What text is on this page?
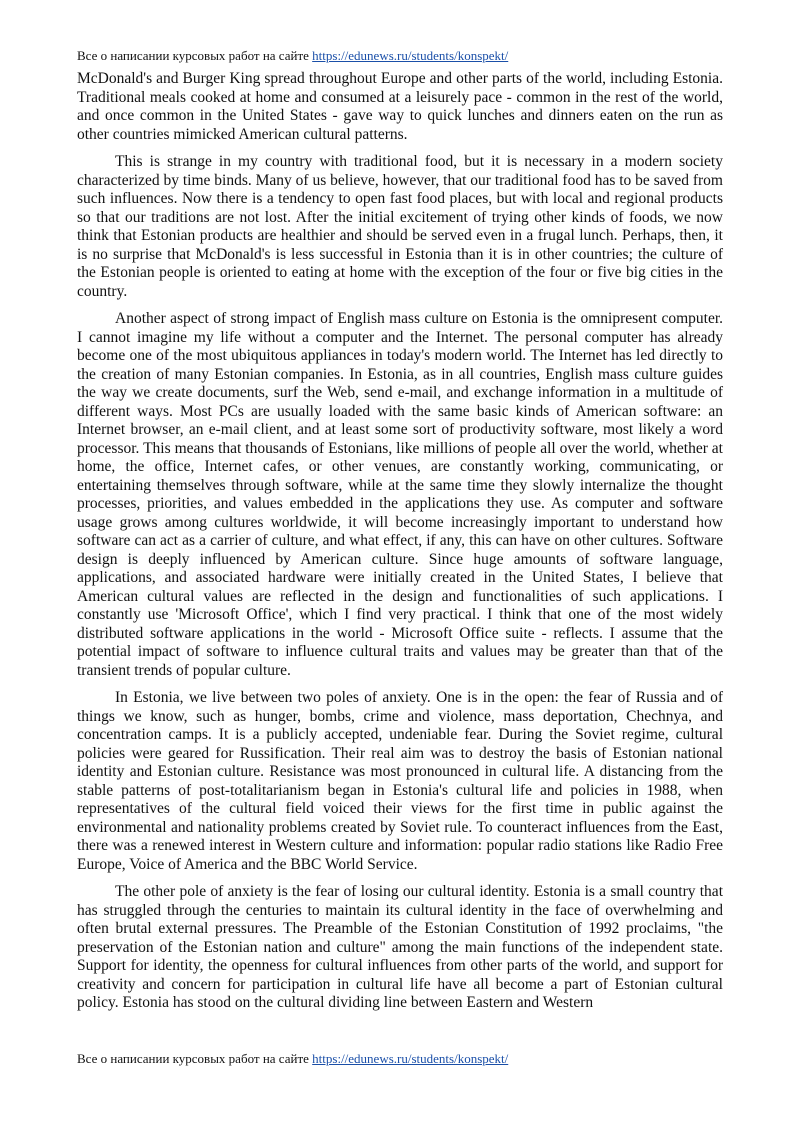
Все о написании курсовых работ на сайте https://edunews.ru/students/konspekt/

McDonald's and Burger King spread throughout Europe and other parts of the world, including Estonia. Traditional meals cooked at home and consumed at a leisurely pace - common in the rest of the world, and once common in the United States - gave way to quick lunches and dinners eaten on the run as other countries mimicked American cultural patterns.

This is strange in my country with traditional food, but it is necessary in a modern society characterized by time binds. Many of us believe, however, that our traditional food has to be saved from such influences. Now there is a tendency to open fast food places, but with local and regional products so that our traditions are not lost. After the initial excitement of trying other kinds of foods, we now think that Estonian products are healthier and should be served even in a frugal lunch. Perhaps, then, it is no surprise that McDonald's is less successful in Estonia than it is in other countries; the culture of the Estonian people is oriented to eating at home with the exception of the four or five big cities in the country.

Another aspect of strong impact of English mass culture on Estonia is the omnipresent computer. I cannot imagine my life without a computer and the Internet. The personal computer has already become one of the most ubiquitous appliances in today's modern world. The Internet has led directly to the creation of many Estonian companies. In Estonia, as in all countries, English mass culture guides the way we create documents, surf the Web, send e-mail, and exchange information in a multitude of different ways. Most PCs are usually loaded with the same basic kinds of American software: an Internet browser, an e-mail client, and at least some sort of productivity software, most likely a word processor. This means that thousands of Estonians, like millions of people all over the world, whether at home, the office, Internet cafes, or other venues, are constantly working, communicating, or entertaining themselves through software, while at the same time they slowly internalize the thought processes, priorities, and values embedded in the applications they use. As computer and software usage grows among cultures worldwide, it will become increasingly important to understand how software can act as a carrier of culture, and what effect, if any, this can have on other cultures. Software design is deeply influenced by American culture. Since huge amounts of software language, applications, and associated hardware were initially created in the United States, I believe that American cultural values are reflected in the design and functionalities of such applications. I constantly use 'Microsoft Office', which I find very practical. I think that one of the most widely distributed software applications in the world - Microsoft Office suite - reflects. I assume that the potential impact of software to influence cultural traits and values may be greater than that of the transient trends of popular culture.

In Estonia, we live between two poles of anxiety. One is in the open: the fear of Russia and of things we know, such as hunger, bombs, crime and violence, mass deportation, Chechnya, and concentration camps. It is a publicly accepted, undeniable fear. During the Soviet regime, cultural policies were geared for Russification. Their real aim was to destroy the basis of Estonian national identity and Estonian culture. Resistance was most pronounced in cultural life. A distancing from the stable patterns of post-totalitarianism began in Estonia's cultural life and policies in 1988, when representatives of the cultural field voiced their views for the first time in public against the environmental and nationality problems created by Soviet rule. To counteract influences from the East, there was a renewed interest in Western culture and information: popular radio stations like Radio Free Europe, Voice of America and the BBC World Service.

The other pole of anxiety is the fear of losing our cultural identity. Estonia is a small country that has struggled through the centuries to maintain its cultural identity in the face of overwhelming and often brutal external pressures. The Preamble of the Estonian Constitution of 1992 proclaims, "the preservation of the Estonian nation and culture" among the main functions of the independent state. Support for identity, the openness for cultural influences from other parts of the world, and support for creativity and concern for participation in cultural life have all become a part of Estonian cultural policy. Estonia has stood on the cultural dividing line between Eastern and Western

Все о написании курсовых работ на сайте https://edunews.ru/students/konspekt/
